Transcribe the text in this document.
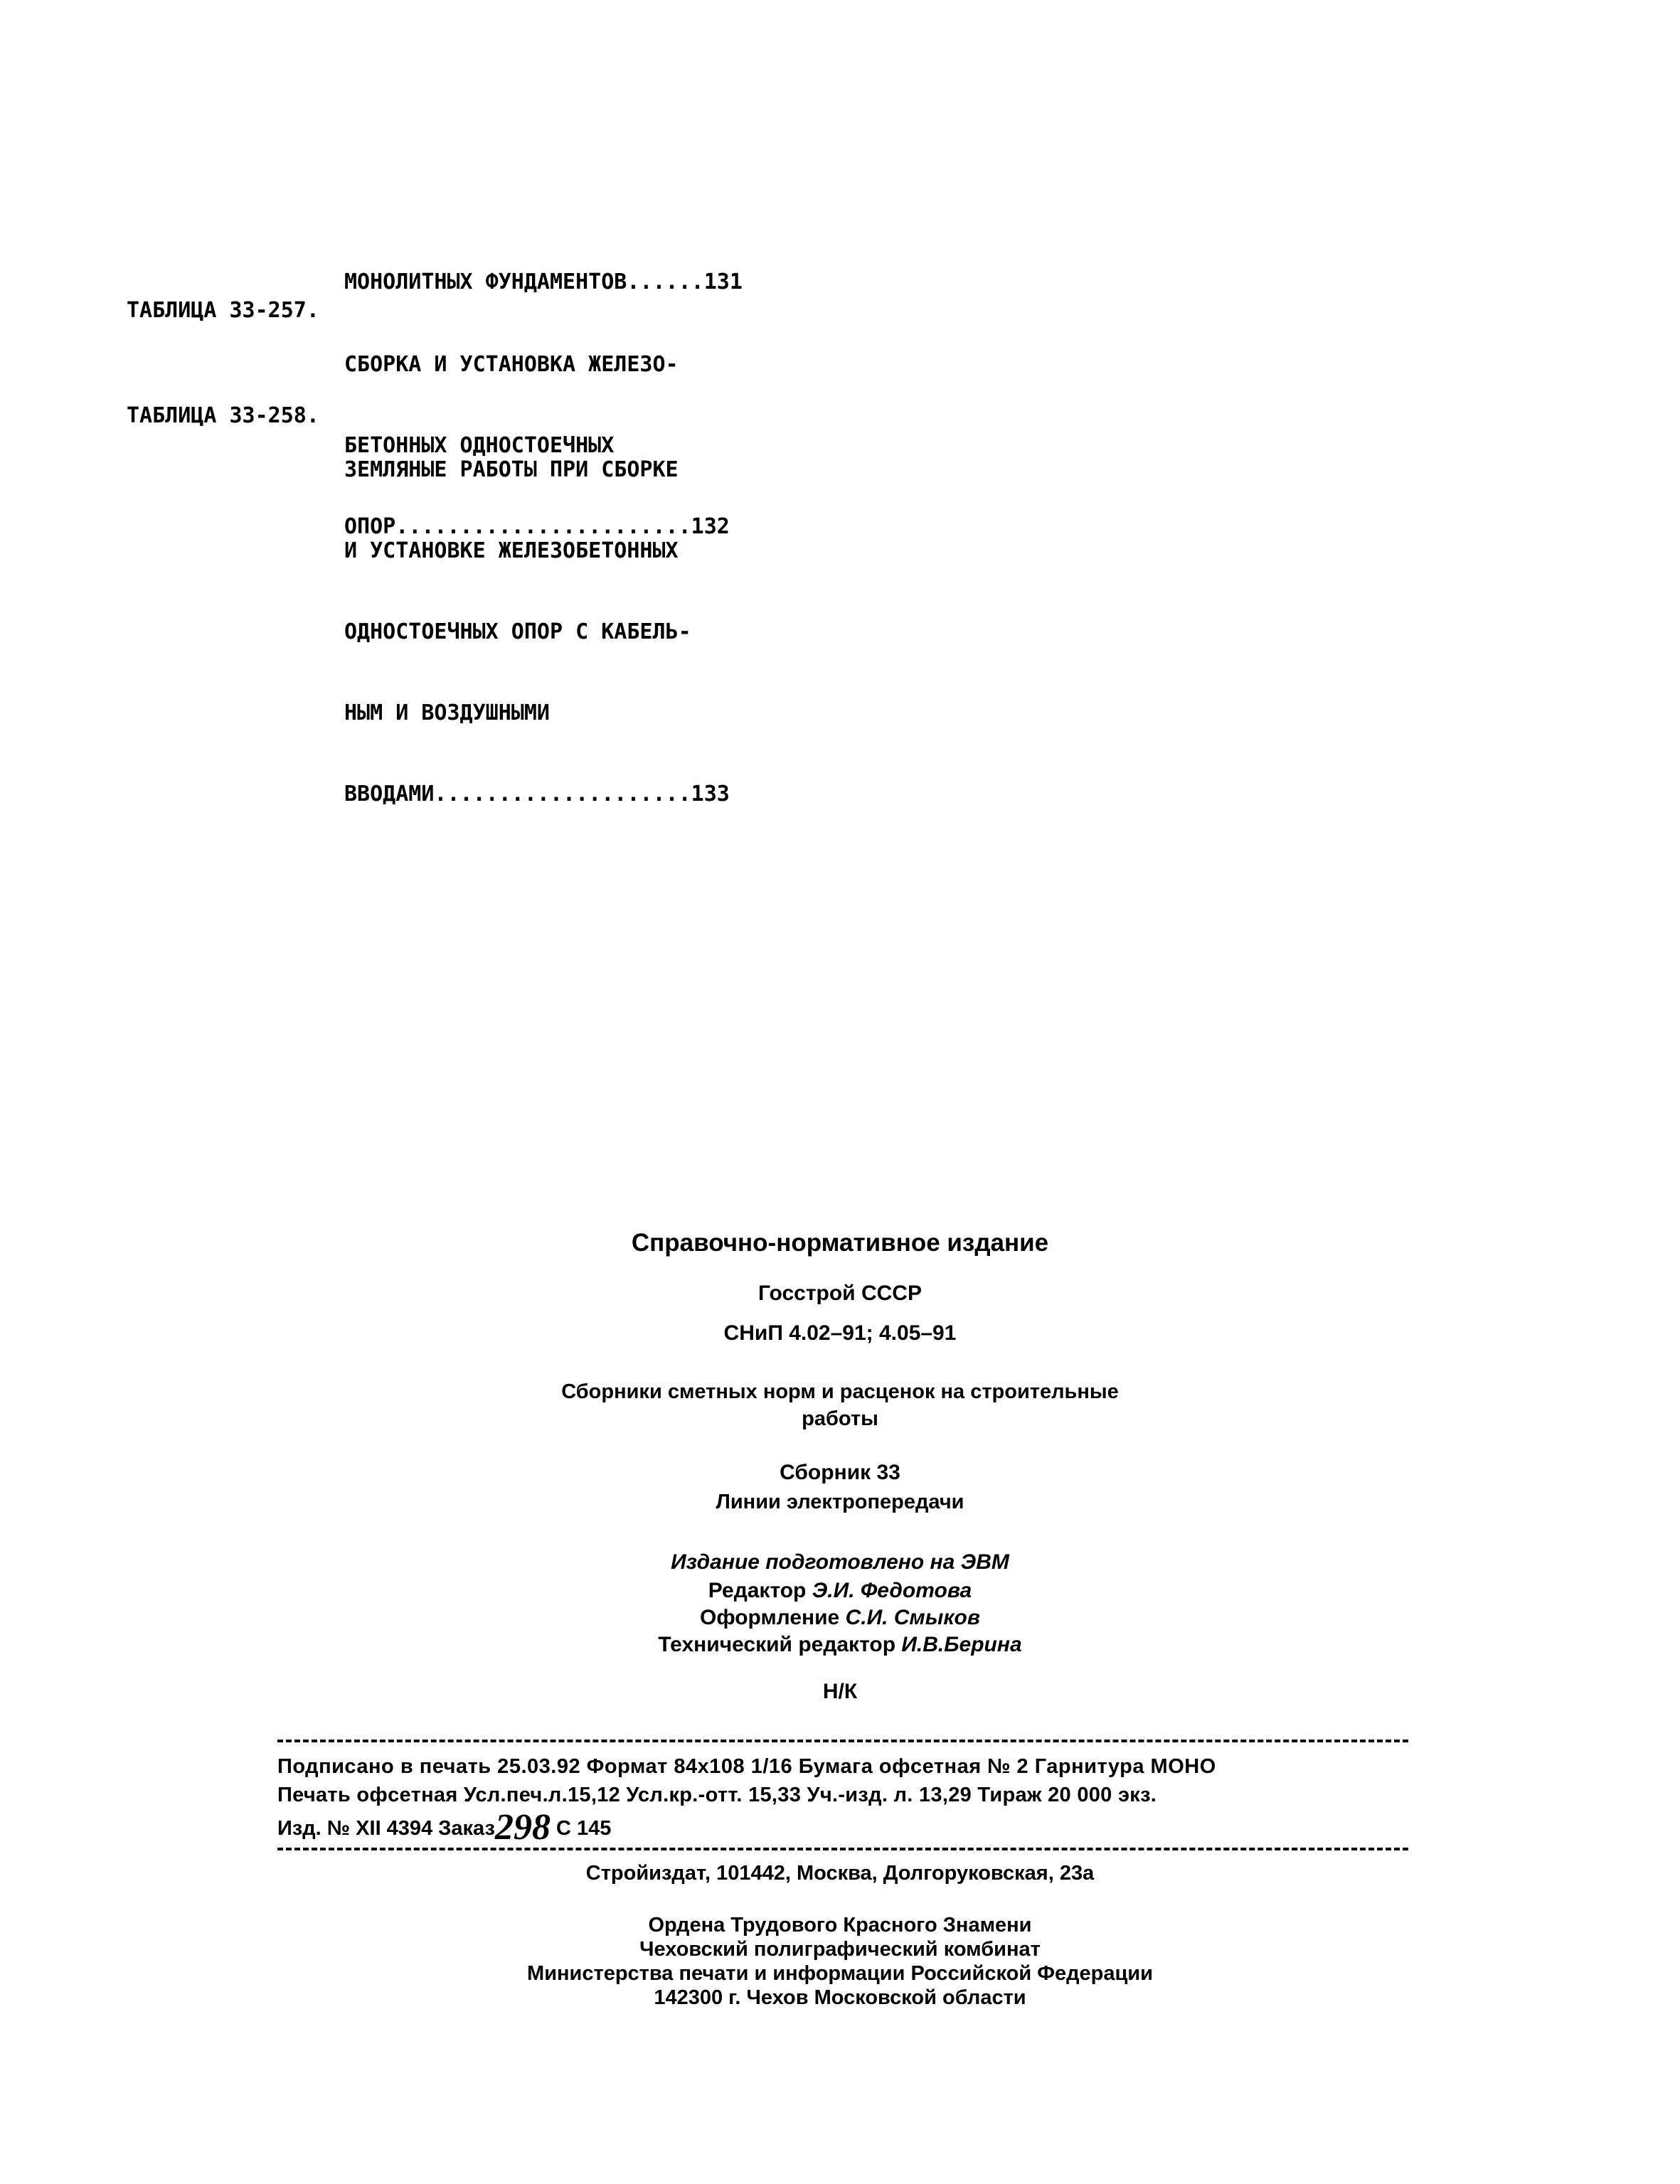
МОНОЛИТНЫХ ФУНДАМЕНТОВ......131

ТАБЛИЦА 33-257.

СБОРКА И УСТАНОВКА ЖЕЛЕЗО-

БЕТОННЫХ ОДНОСТОЕЧНЫХ

ОПОР.......................132

ТАБЛИЦА 33-258.

ЗЕМЛЯНЫЕ РАБОТЫ ПРИ СБОРКЕ

И УСТАНОВКЕ ЖЕЛЕЗОБЕТОННЫХ

ОДНОСТОЕЧНЫХ ОПОР С КАБЕЛЬ-

НЫМ И ВОЗДУШНЫМИ

ВВОДАМИ....................133

Справочно-нормативное издание
Госстрой СССР
СНиП 4.02–91; 4.05–91
Сборники сметных норм и расценок на строительные
работы
Сборник 33
Линии электропередачи
Издание подготовлено на ЭВМ
Редактор Э.И. Федотова
Оформление С.И. Смыков
Технический редактор И.В.Берина
Н/К
Подписано в печать 25.03.92 Формат 84x108 1/16 Бумага офсетная № 2 Гарнитура МОНО
Печать офсетная Усл.печ.л.15,12 Усл.кр.-отт. 15,33 Уч.-изд. л. 13,29 Тираж 20 000 экз.
Изд. № XII 4394 Заказ298 С 145
Стройиздат, 101442, Москва, Долгоруковская, 23а
Ордена Трудового Красного Знамени
Чеховский полиграфический комбинат
Министерства печати и информации Российской Федерации
142300 г. Чехов Московской области
